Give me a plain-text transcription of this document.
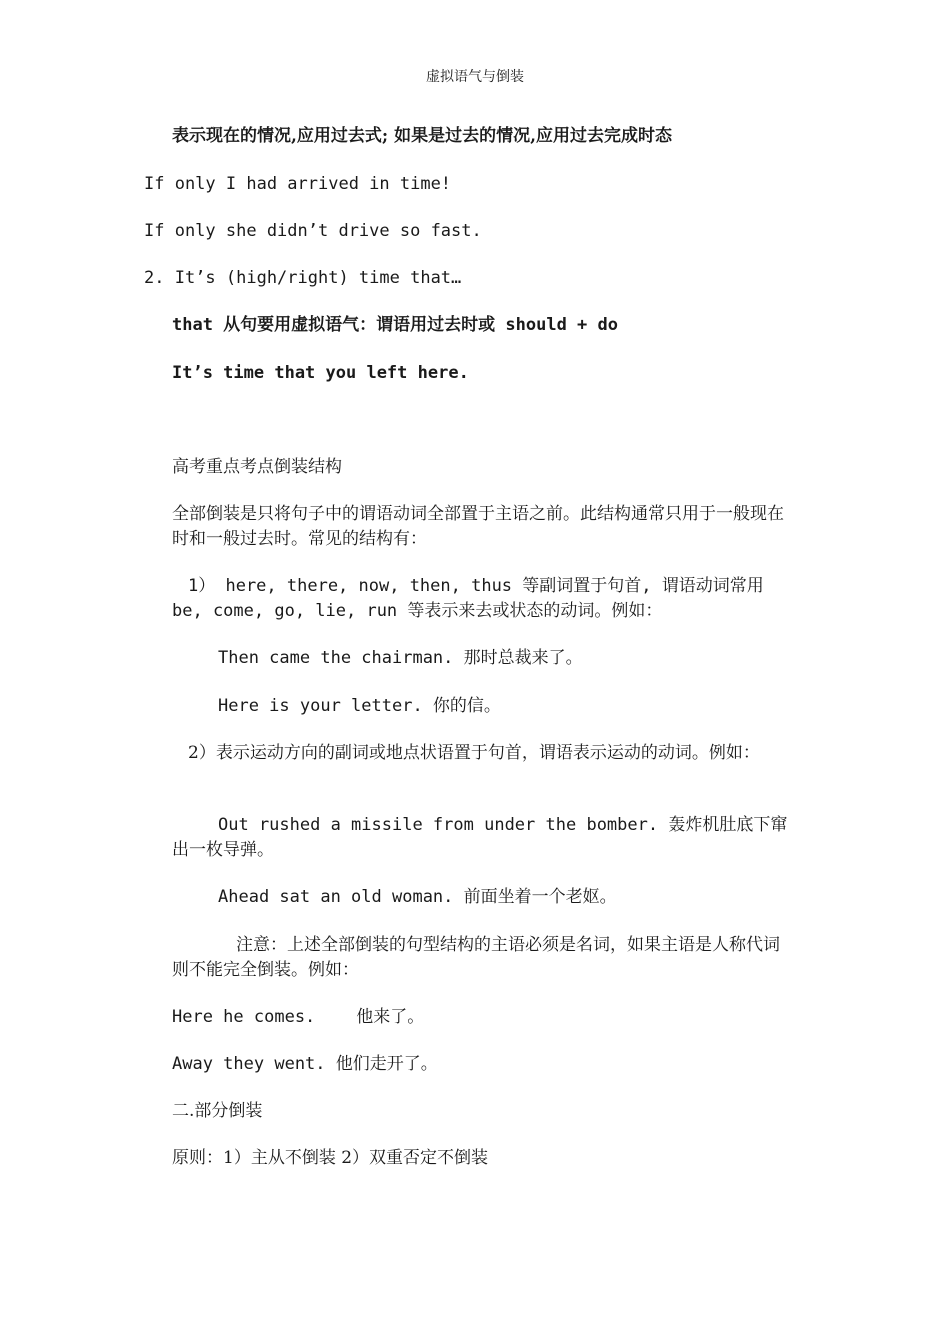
虚拟语气与倒装
表示现在的情况,应用过去式; 如果是过去的情况,应用过去完成时态
If only I had arrived in time!
If only she didn’t drive so fast.
2. It’s (high/right) time that…
that 从句要用虚拟语气：谓语用过去时或 should + do
It’s time that you left here.
高考重点考点倒装结构
全部倒装是只将句子中的谓语动词全部置于主语之前。此结构通常只用于一般现在时和一般过去时。常见的结构有：
1） here, there, now, then, thus 等副词置于句首, 谓语动词常用 be, come, go, lie, run 等表示来去或状态的动词。例如：
Then came the chairman. 那时总裁来了。
Here is your letter. 你的信。
2）表示运动方向的副词或地点状语置于句首，谓语表示运动的动词。例如：
Out rushed a missile from under the bomber. 轰炸机肚底下窜出一枚导弹。
Ahead sat an old woman. 前面坐着一个老妪。
注意：上述全部倒装的句型结构的主语必须是名词，如果主语是人称代词则不能完全倒装。例如：
Here he comes.    他来了。
Away they went. 他们走开了。
二.部分倒装
原则：1）主从不倒装 2）双重否定不倒装
